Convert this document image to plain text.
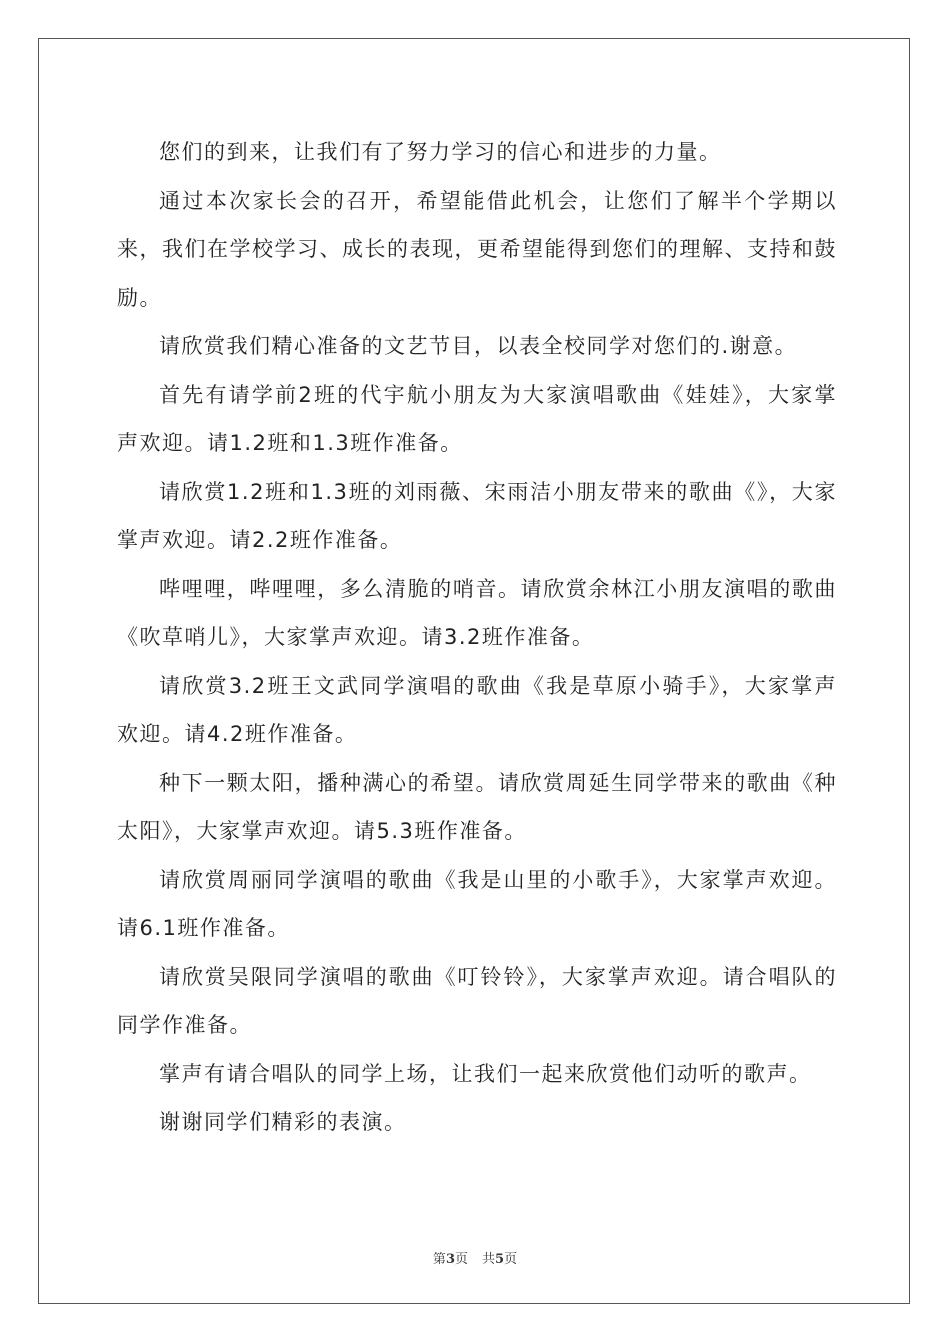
您们的到来，让我们有了努力学习的信心和进步的力量。

通过本次家长会的召开，希望能借此机会，让您们了解半个学期以来，我们在学校学习、成长的表现，更希望能得到您们的理解、支持和鼓励。

请欣赏我们精心准备的文艺节目，以表全校同学对您们的.谢意。

首先有请学前2班的代宇航小朋友为大家演唱歌曲《娃娃》，大家掌声欢迎。请1.2班和1.3班作准备。

请欣赏1.2班和1.3班的刘雨薇、宋雨洁小朋友带来的歌曲《》，大家掌声欢迎。请2.2班作准备。

哔哩哩，哔哩哩，多么清脆的哨音。请欣赏余林江小朋友演唱的歌曲《吹草哨儿》，大家掌声欢迎。请3.2班作准备。

请欣赏3.2班王文武同学演唱的歌曲《我是草原小骑手》，大家掌声欢迎。请4.2班作准备。

种下一颗太阳，播种满心的希望。请欣赏周延生同学带来的歌曲《种太阳》，大家掌声欢迎。请5.3班作准备。

请欣赏周丽同学演唱的歌曲《我是山里的小歌手》，大家掌声欢迎。请6.1班作准备。

请欣赏吴限同学演唱的歌曲《叮铃铃》，大家掌声欢迎。请合唱队的同学作准备。

掌声有请合唱队的同学上场，让我们一起来欣赏他们动听的歌声。

谢谢同学们精彩的表演。

第3页 共5页
